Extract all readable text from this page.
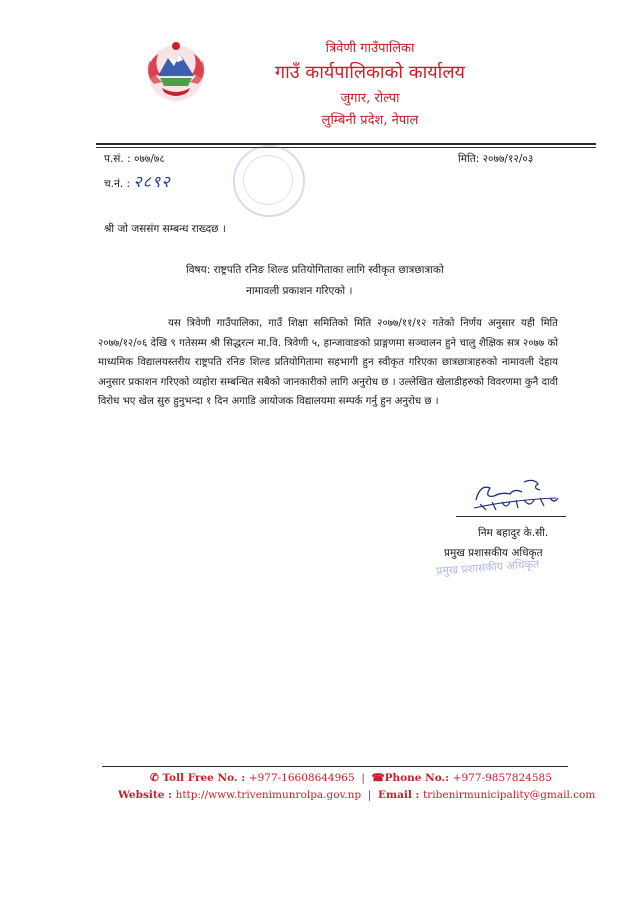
त्रिवेणी गाउँपालिका
गाउँ कार्यपालिकाको कार्यालय
जुगार, रोल्पा
लुम्बिनी प्रदेश, नेपाल
प.सं. : ०७७/७८
च.नं. : २८९२
मिति: २०७७/१२/०३
श्री जो जससंग सम्बन्ध राख्दछ ।
विषय: राष्ट्रपति रनिङ शिल्ड प्रतियोगिताका लागि स्वीकृत छात्रछात्राको
नामावली प्रकाशन गरिएको ।
यस त्रिवेणी गाउँपालिका, गाउँ शिक्षा समितिको मिति २०७७/११/१२ गतेको निर्णय अनुसार यही मिति २०७७/१२/०६ देखि ९ गतेसम्म श्री सिद्धरत्न मा.वि. त्रिवेणी ५, हान्जावाङको प्राङ्गणमा सञ्चालन हुने चालु शैक्षिक सत्र २०७७ को माध्यमिक विद्यालयस्तरीय राष्ट्रपति रनिङ शिल्ड प्रतियोगितामा सहभागी हुन स्वीकृत गरिएका छात्रछात्राहरुको नामावली देहाय अनुसार प्रकाशन गरिएको व्यहोरा सम्बन्धित सबैको जानकारीको लागि अनुरोध छ । उल्लेखित खेलाडीहरुको विवरणमा कुनै दावी विरोध भए खेल सुरु हुनुभन्दा १ दिन अगाडि आयोजक विद्यालयमा सम्पर्क गर्नु हुन अनुरोध छ ।
निम बहादुर के.सी.
प्रमुख प्रशासकीय अधिकृत
प्रमुख प्रशासकीय अधिकृत
✆ Toll Free No. : +977-16608644965 | ☎Phone No.: +977-9857824585
Website : http://www.trivenimunrolpa.gov.np | Email : tribenirmunicipality@gmail.com
